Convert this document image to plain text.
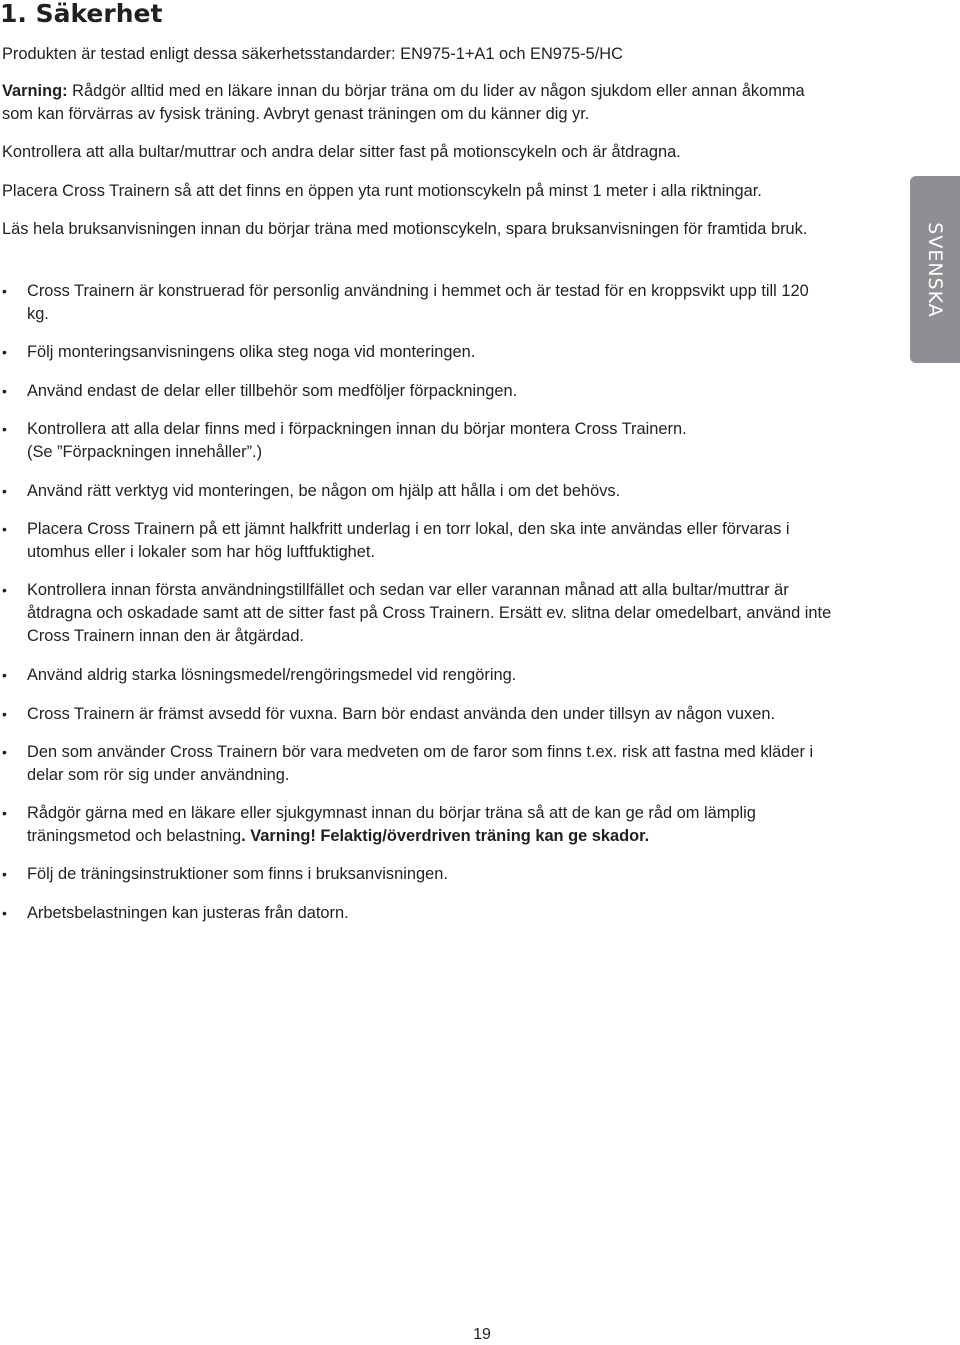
1. Säkerhet

Produkten är testad enligt dessa säkerhetsstandarder: EN975-1+A1 och EN975-5/HC

Varning: Rådgör alltid med en läkare innan du börjar träna om du lider av någon sjukdom eller annan åkomma som kan förvärras av fysisk träning. Avbryt genast träningen om du känner dig yr.

Kontrollera att alla bultar/muttrar och andra delar sitter fast på motionscykeln och är åtdragna.

Placera Cross Trainern så att det finns en öppen yta runt motionscykeln på minst 1 meter i alla riktningar.

Läs hela bruksanvisningen innan du börjar träna med motionscykeln, spara bruksanvisningen för framtida bruk.

•	Cross Trainern är konstruerad för personlig användning i hemmet och är testad för en kroppsvikt upp till 120 kg.
•	Följ monteringsanvisningens olika steg noga vid monteringen.
•	Använd endast de delar eller tillbehör som medföljer förpackningen.
•	Kontrollera att alla delar finns med i förpackningen innan du börjar montera Cross Trainern.
(Se ”Förpackningen innehåller”.)
•	Använd rätt verktyg vid monteringen, be någon om hjälp att hålla i om det behövs.
•	Placera Cross Trainern på ett jämnt halkfritt underlag i en torr lokal, den ska inte användas eller förvaras i utomhus eller i lokaler som har hög luftfuktighet.
•	Kontrollera innan första användningstillfället och sedan var eller varannan månad att alla bultar/muttrar är åtdragna och oskadade samt att de sitter fast på Cross Trainern. Ersätt ev. slitna delar omedelbart, använd inte Cross Trainern innan den är åtgärdad.
•	Använd aldrig starka lösningsmedel/rengöringsmedel vid rengöring.
•	Cross Trainern är främst avsedd för vuxna. Barn bör endast använda den under tillsyn av någon vuxen.
•	Den som använder Cross Trainern bör vara medveten om de faror som finns t.ex. risk att fastna med kläder i delar som rör sig under användning.
•	Rådgör gärna med en läkare eller sjukgymnast innan du börjar träna så att de kan ge råd om lämplig träningsmetod och belastning. Varning! Felaktig/överdriven träning kan ge skador.
•	Följ de träningsinstruktioner som finns i bruksanvisningen.
•	Arbetsbelastningen kan justeras från datorn.
SVENSKA
19
